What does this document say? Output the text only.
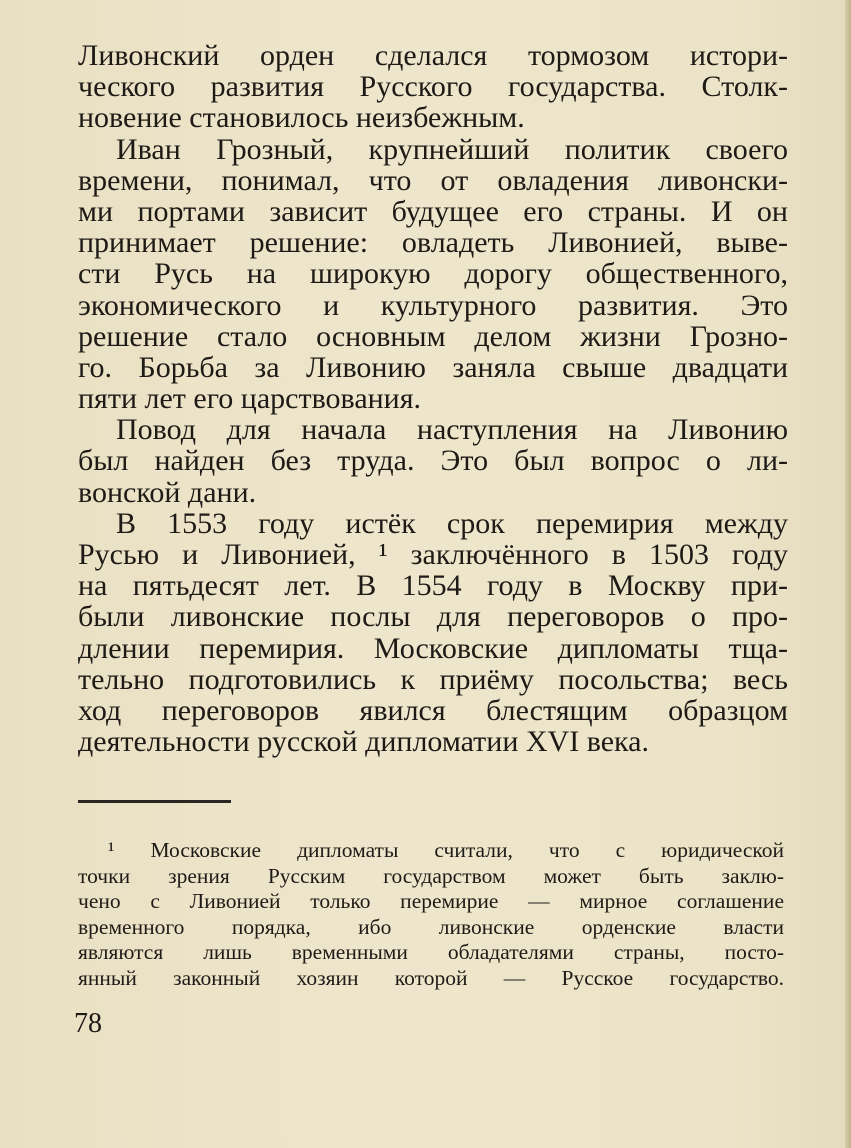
Ливонский орден сделался тормозом истори-
ческого развития Русского государства. Столк-
новение становилось неизбежным.
Иван Грозный, крупнейший политик своего
времени, понимал, что от овладения ливонски-
ми портами зависит будущее его страны. И он
принимает решение: овладеть Ливонией, выве-
сти Русь на широкую дорогу общественного,
экономического и культурного развития. Это
решение стало основным делом жизни Грозно-
го. Борьба за Ливонию заняла свыше двадцати
пяти лет его царствования.
Повод для начала наступления на Ливонию
был найден без труда. Это был вопрос о ли-
вонской дани.
В 1553 году истёк срок перемирия между
Русью и Ливонией, ¹ заключённого в 1503 году
на пятьдесят лет. В 1554 году в Москву при-
были ливонские послы для переговоров о про-
длении перемирия. Московские дипломаты тща-
тельно подготовились к приёму посольства; весь
ход переговоров явился блестящим образцом
деятельности русской дипломатии XVI века.
¹ Московские дипломаты считали, что с юридической
точки зрения Русским государством может быть заклю-
чено с Ливонией только перемирие — мирное соглашение
временного порядка, ибо ливонские орденские власти
являются лишь временными обладателями страны, посто-
янный законный хозяин которой — Русское государство.
78
